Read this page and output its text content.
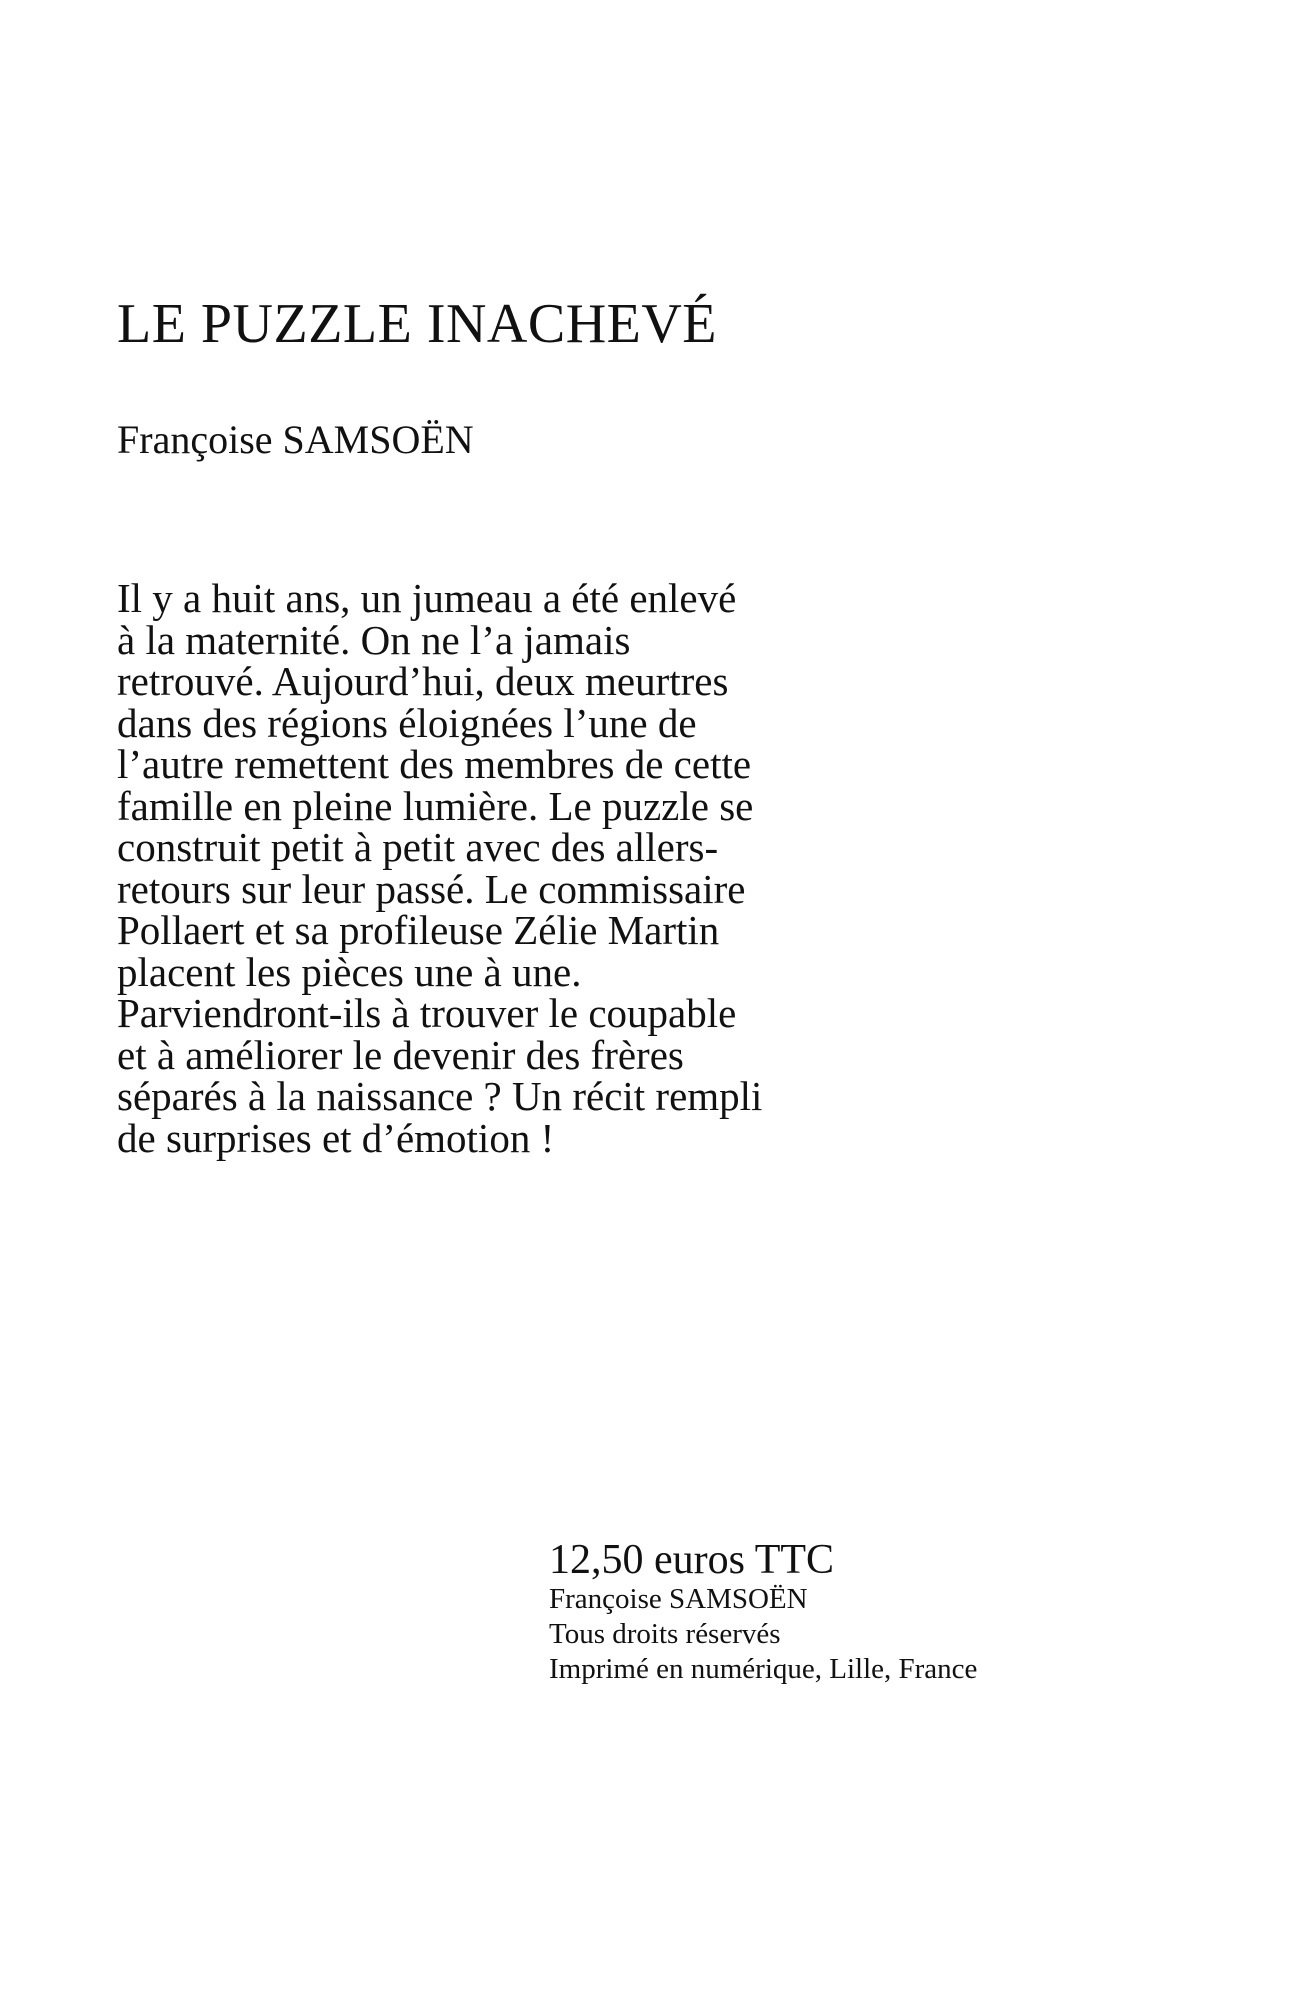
LE PUZZLE INACHEVÉ
Françoise SAMSOËN
Il y a huit ans, un jumeau a été enlevé
à la maternité. On ne l’a jamais
retrouvé. Aujourd’hui, deux meurtres
dans des régions éloignées l’une de
l’autre remettent des membres de cette
famille en pleine lumière. Le puzzle se
construit petit à petit avec des allers-
retours sur leur passé. Le commissaire
Pollaert et sa profileuse Zélie Martin
placent les pièces une à une.
Parviendront-ils à trouver le coupable
et à améliorer le devenir des frères
séparés à la naissance ? Un récit rempli
de surprises et d’émotion !
12,50 euros TTC
Françoise SAMSOËN
Tous droits réservés
Imprimé en numérique, Lille, France
